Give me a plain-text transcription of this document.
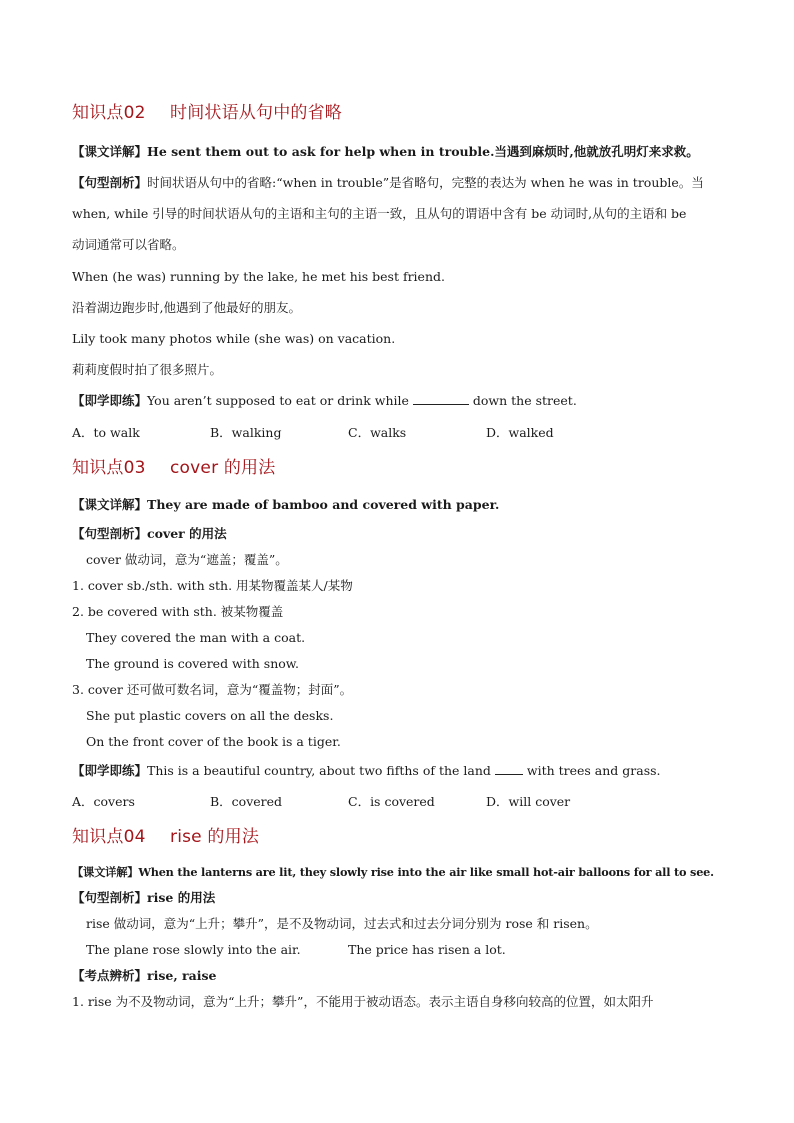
知识点02 时间状语从句中的省略
【课文详解】He sent them out to ask for help when in trouble.当遇到麻烦时,他就放孔明灯来求救。
【句型剖析】时间状语从句中的省略:“when in trouble”是省略句，完整的表达为 when he was in trouble。当
when, while 引导的时间状语从句的主语和主句的主语一致，且从句的谓语中含有 be 动词时,从句的主语和 be
动词通常可以省略。
When (he was) running by the lake, he met his best friend.
沿着湖边跑步时,他遇到了他最好的朋友。
Lily took many photos while (she was) on vacation.
莉莉度假时拍了很多照片。
【即学即练】You aren’t supposed to eat or drink while	down the street.
A．to walk	B．walking	C．walks	D．walked
知识点03 cover 的用法
【课文详解】They are made of bamboo and covered with paper.
【句型剖析】cover 的用法
cover 做动词，意为“遮盖；覆盖”。
1. cover sb./sth. with sth. 用某物覆盖某人/某物
2. be covered with sth. 被某物覆盖
They covered the man with a coat.
The ground is covered with snow.
3. cover 还可做可数名词，意为“覆盖物；封面”。
She put plastic covers on all the desks.
On the front cover of the book is a tiger.
【即学即练】This is a beautiful country, about two fifths of the land	with trees and grass.
A．covers	B．covered	C．is covered	D．will cover
知识点04 rise 的用法
【课文详解】When the lanterns are lit, they slowly rise into the air like small hot-air balloons for all to see.
【句型剖析】rise 的用法
rise 做动词，意为“上升；攀升”，是不及物动词，过去式和过去分词分别为 rose 和 risen。
The plane rose slowly into the air.	The price has risen a lot.
【考点辨析】rise, raise
1. rise 为不及物动词，意为“上升；攀升”，不能用于被动语态。表示主语自身移向较高的位置，如太阳升
